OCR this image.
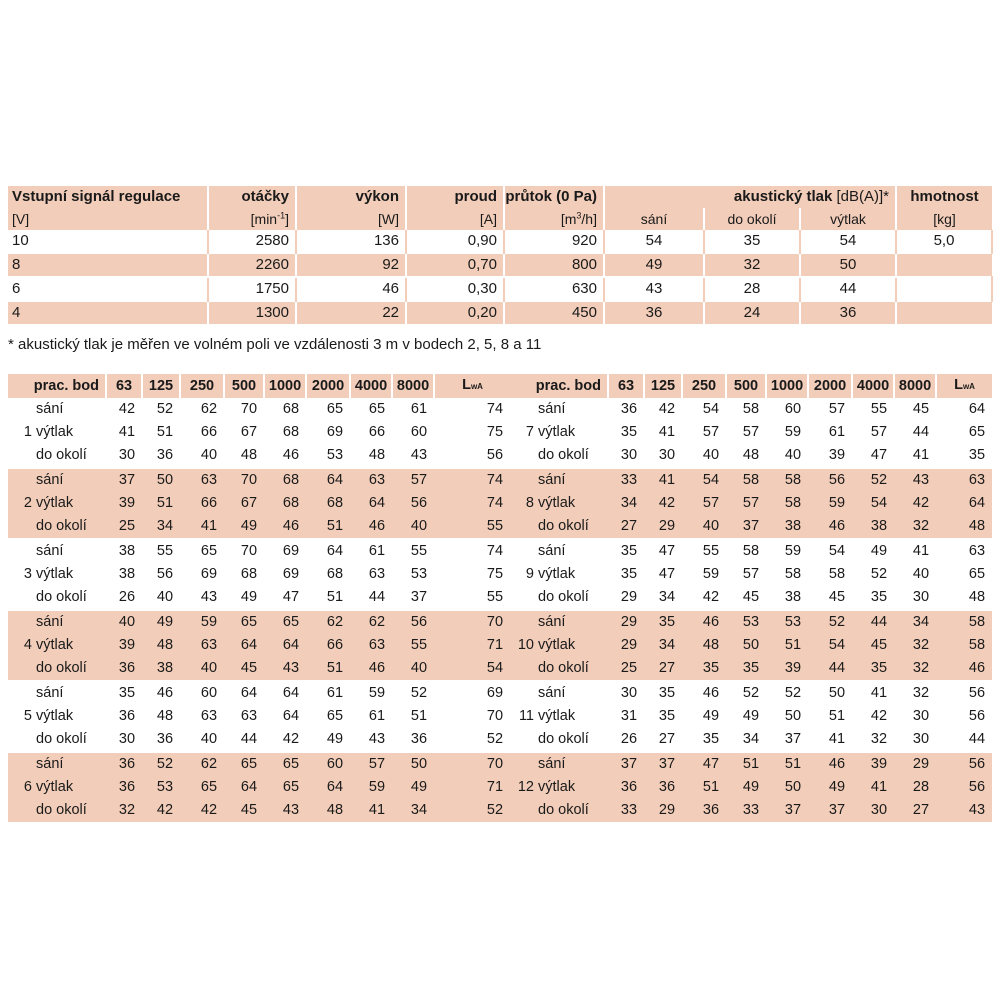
Vstupní signál regulace	otáčky	výkon	proud	průtok (0 Pa)	akustický tlak [dB(A)]*			hmotnost
[V]	$[\min^{-1}]$	[W]	[A]	$[m^3/h]$	sání	do okolí	výtlak	[kg]
10	2580	136	0,90	920	54	35	54	5,0
8	2260	92	0,70	800	49	32	50	
6	1750	46	0,30	630	43	28	44	
4	1300	22	0,20	450	36	24	36	
* akustický tlak je měřen ve volném poli ve vzdálenosti 3 m v bodech 2, 5, 8 a 11
prac. bod		63	125	250	500	1000	2000	4000	8000	LwA
	sání	42	52	62	70	68	65	65	61	74
1	výtlak	41	51	66	67	68	69	66	60	75
	do okolí	30	36	40	48	46	53	48	43	56

	sání	37	50	63	70	68	64	63	57	74
2	výtlak	39	51	66	67	68	68	64	56	74
	do okolí	25	34	41	49	46	51	46	40	55

	sání	38	55	65	70	69	64	61	55	74
3	výtlak	38	56	69	68	69	68	63	53	75
	do okolí	26	40	43	49	47	51	44	37	55

	sání	40	49	59	65	65	62	62	56	70
4	výtlak	39	48	63	64	64	66	63	55	71
	do okolí	36	38	40	45	43	51	46	40	54

	sání	35	46	60	64	64	61	59	52	69
5	výtlak	36	48	63	63	64	65	61	51	70
	do okolí	30	36	40	44	42	49	43	36	52

	sání	36	52	62	65	65	60	57	50	70
6	výtlak	36	53	65	64	65	64	59	49	71
	do okolí	32	42	42	45	43	48	41	34	52
prac. bod		63	125	250	500	1000	2000	4000	8000	LwA
	sání	36	42	54	58	60	57	55	45	64
7	výtlak	35	41	57	57	59	61	57	44	65
	do okolí	30	30	40	48	40	39	47	41	35

	sání	33	41	54	58	58	56	52	43	63
8	výtlak	34	42	57	57	58	59	54	42	64
	do okolí	27	29	40	37	38	46	38	32	48

	sání	35	47	55	58	59	54	49	41	63
9	výtlak	35	47	59	57	58	58	52	40	65
	do okolí	29	34	42	45	38	45	35	30	48

	sání	29	35	46	53	53	52	44	34	58
10	výtlak	29	34	48	50	51	54	45	32	58
	do okolí	25	27	35	35	39	44	35	32	46

	sání	30	35	46	52	52	50	41	32	56
11	výtlak	31	35	49	49	50	51	42	30	56
	do okolí	26	27	35	34	37	41	32	30	44

	sání	37	37	47	51	51	46	39	29	56
12	výtlak	36	36	51	49	50	49	41	28	56
	do okolí	33	29	36	33	37	37	30	27	43
